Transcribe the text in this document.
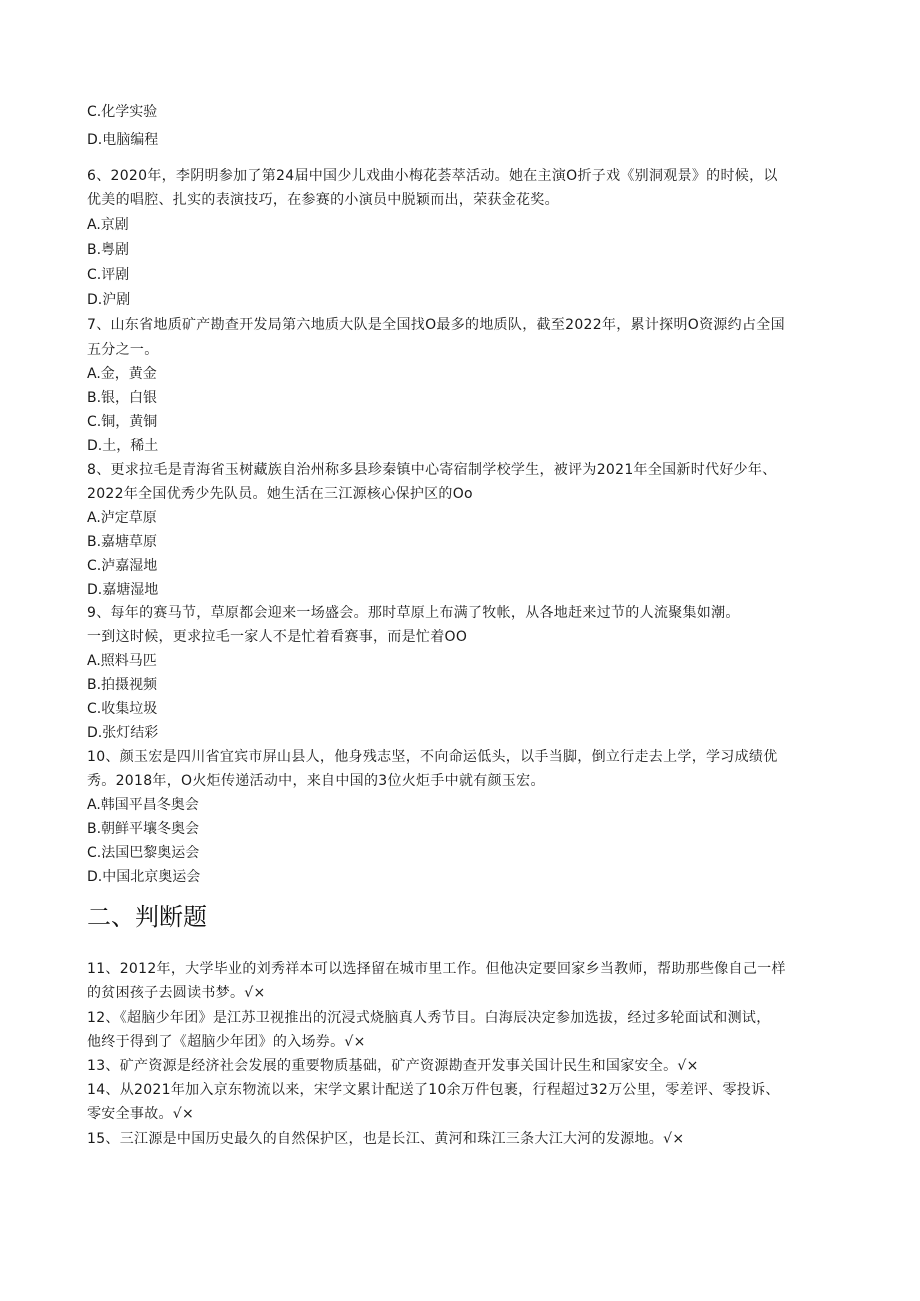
C.化学实验
D.电脑编程
6、2020年，李阴明参加了第24届中国少儿戏曲小梅花荟萃活动。她在主演O折子戏《别洞观景》的时候，以
优美的唱腔、扎实的表演技巧，在参赛的小演员中脱颖而出，荣获金花奖。
A.京剧
B.粤剧
C.评剧
D.沪剧
7、山东省地质矿产勘查开发局第六地质大队是全国找O最多的地质队，截至2022年，累计探明O资源约占全国
五分之一。
A.金，黄金
B.银，白银
C.铜，黄铜
D.土，稀土
8、更求拉毛是青海省玉树藏族自治州称多县珍秦镇中心寄宿制学校学生，被评为2021年全国新时代好少年、
2022年全国优秀少先队员。她生活在三江源核心保护区的Oo
A.泸定草原
B.嘉塘草原
C.泸嘉湿地
D.嘉塘湿地
9、每年的赛马节，草原都会迎来一场盛会。那时草原上布满了牧帐，从各地赶来过节的人流聚集如潮。
一到这时候，更求拉毛一家人不是忙着看赛事，而是忙着OO
A.照料马匹
B.拍摄视频
C.收集垃圾
D.张灯结彩
10、颜玉宏是四川省宜宾市屏山县人，他身残志坚，不向命运低头，以手当脚，倒立行走去上学，学习成绩优
秀。2018年，O火炬传递活动中，来自中国的3位火炬手中就有颜玉宏。
A.韩国平昌冬奥会
B.朝鲜平壤冬奥会
C.法国巴黎奥运会
D.中国北京奥运会
二、判断题
11、2012年，大学毕业的刘秀祥本可以选择留在城市里工作。但他决定要回家乡当教师，帮助那些像自己一样
的贫困孩子去圆读书梦。√×
12、《超脑少年团》是江苏卫视推出的沉浸式烧脑真人秀节目。白海辰决定参加选拔，经过多轮面试和测试，
他终于得到了《超脑少年团》的入场券。√×
13、矿产资源是经济社会发展的重要物质基础，矿产资源勘查开发事关国计民生和国家安全。√×
14、从2021年加入京东物流以来，宋学文累计配送了10余万件包裹，行程超过32万公里，零差评、零投诉、
零安全事故。√×
15、三江源是中国历史最久的自然保护区，也是长江、黄河和珠江三条大江大河的发源地。√×
